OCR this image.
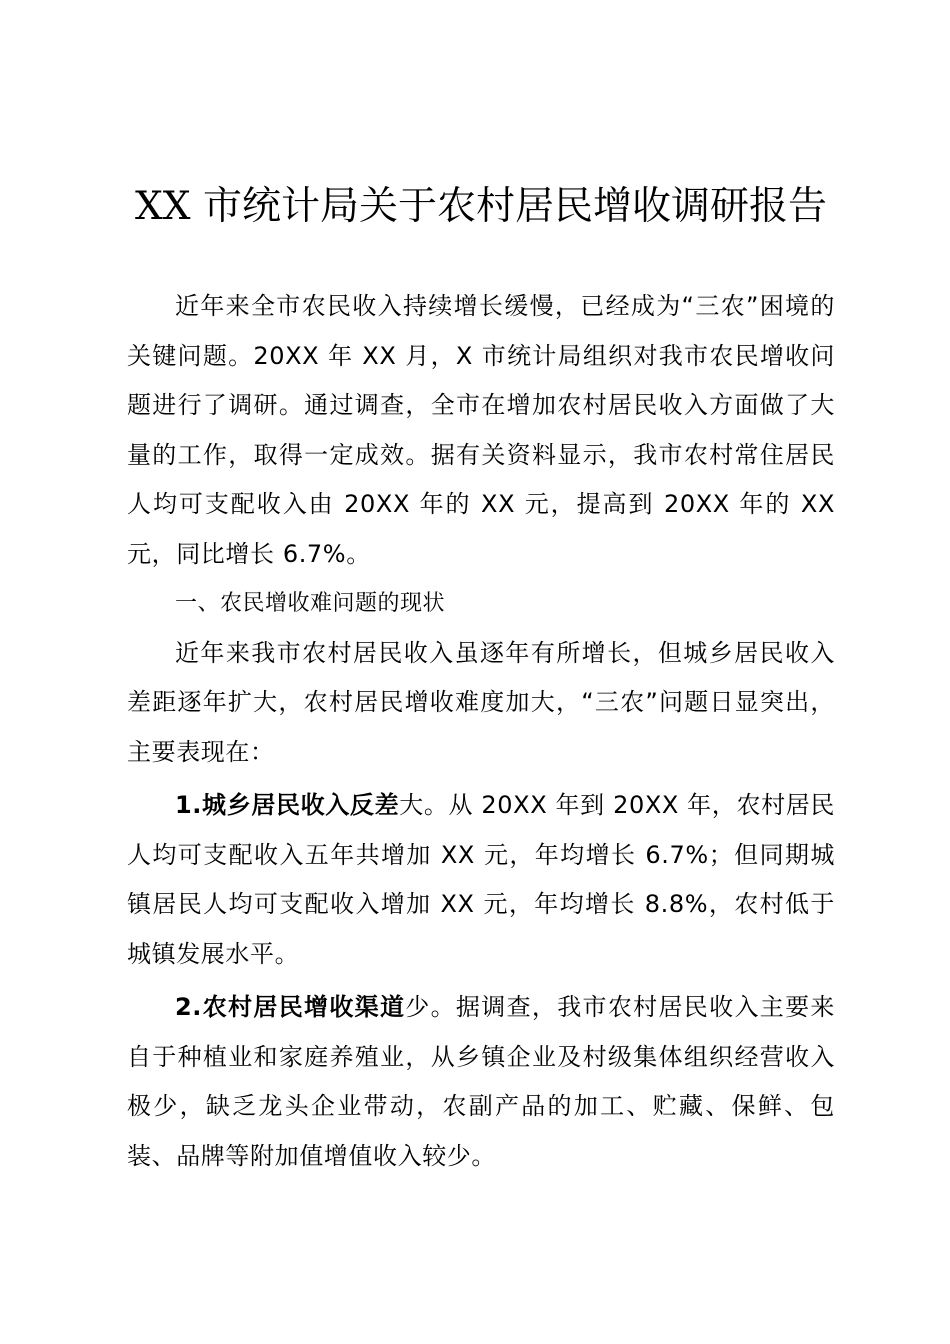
XX 市统计局关于农村居民增收调研报告

近年来全市农民收入持续增长缓慢，已经成为“三农”困境的关键问题。20XX 年 XX 月，X 市统计局组织对我市农民增收问题进行了调研。通过调查，全市在增加农村居民收入方面做了大量的工作，取得一定成效。据有关资料显示，我市农村常住居民人均可支配收入由 20XX 年的 XX 元，提高到 20XX 年的 XX 元，同比增长 6.7%。

一、农民增收难问题的现状

近年来我市农村居民收入虽逐年有所增长，但城乡居民收入差距逐年扩大，农村居民增收难度加大，“三农”问题日显突出，主要表现在：

1.城乡居民收入反差大。从 20XX 年到 20XX 年，农村居民人均可支配收入五年共增加 XX 元，年均增长 6.7%；但同期城镇居民人均可支配收入增加 XX 元，年均增长 8.8%，农村低于城镇发展水平。

2.农村居民增收渠道少。据调查，我市农村居民收入主要来自于种植业和家庭养殖业，从乡镇企业及村级集体组织经营收入极少，缺乏龙头企业带动，农副产品的加工、贮藏、保鲜、包装、品牌等附加值增值收入较少。
